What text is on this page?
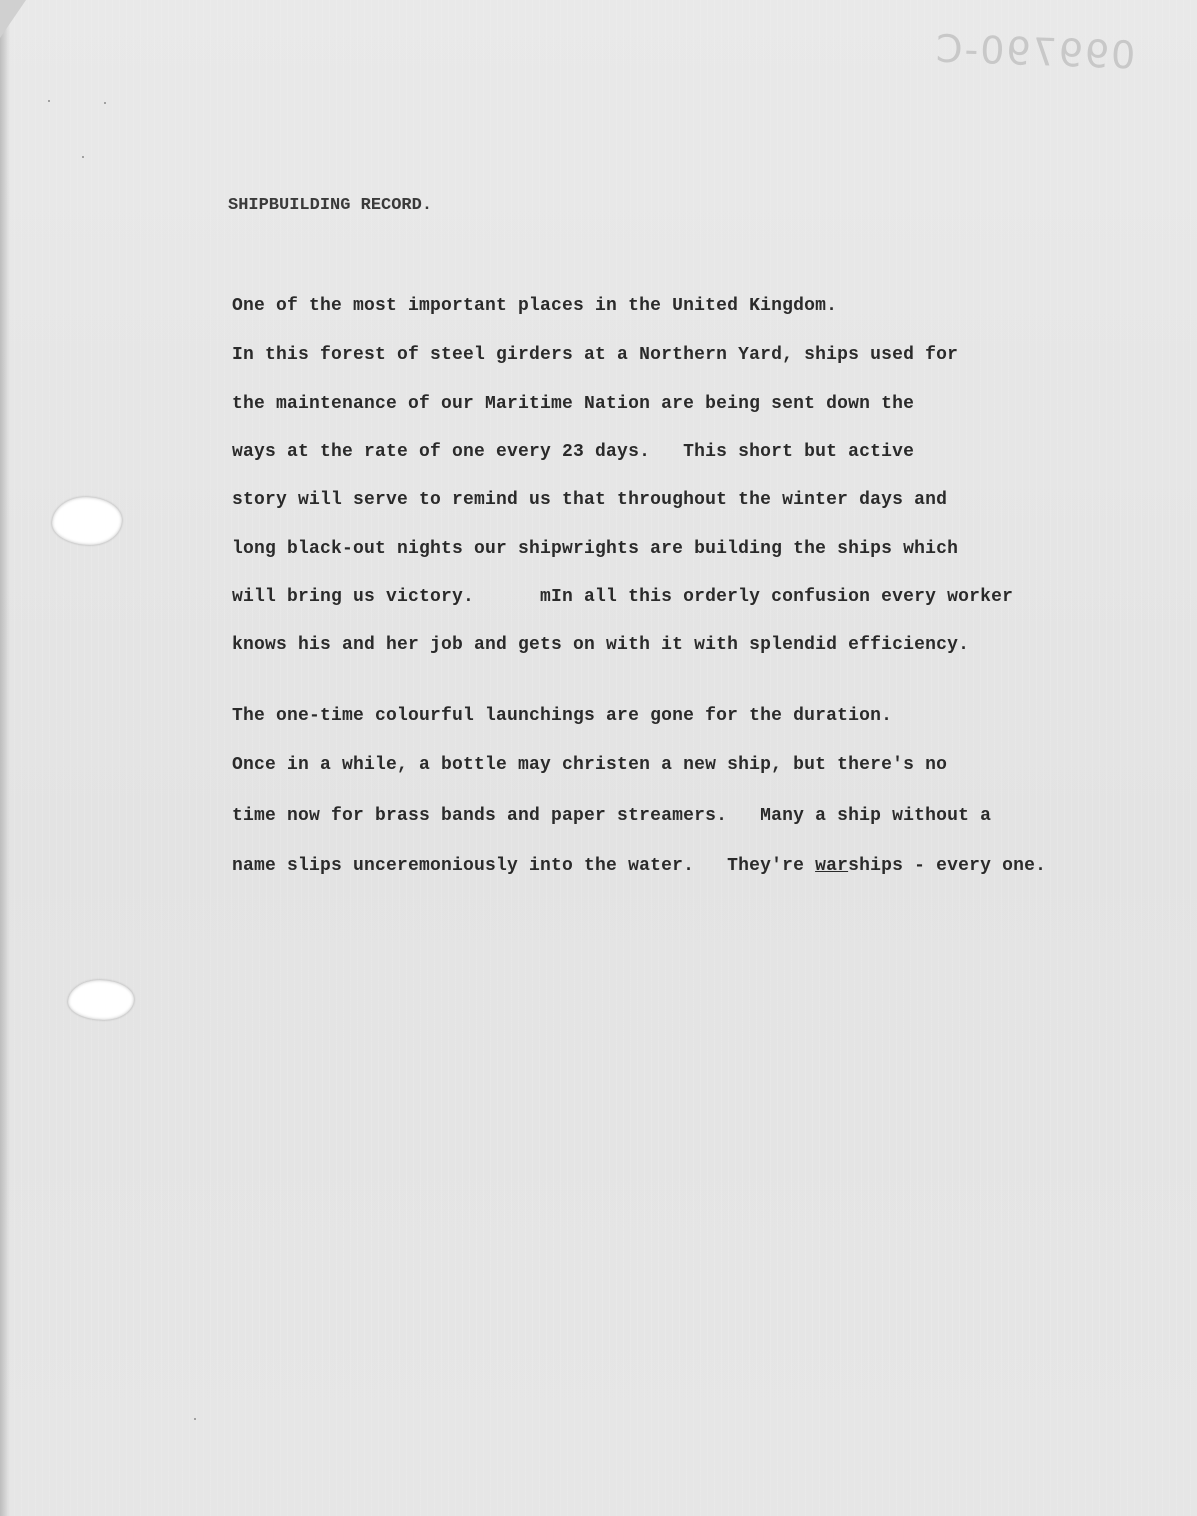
099790-C
SHIPBUILDING RECORD.
One of the most important places in the United Kingdom.
In this forest of steel girders at a Northern Yard, ships used for
the maintenance of our Maritime Nation are being sent down the
ways at the rate of one every 23 days.   This short but active
story will serve to remind us that throughout the winter days and
long black-out nights our shipwrights are building the ships which
will bring us victory.      mIn all this orderly confusion every worker
knows his and her job and gets on with it with splendid efficiency.
The one-time colourful launchings are gone for the duration.
Once in a while, a bottle may christen a new ship, but there's no
time now for brass bands and paper streamers.   Many a ship without a
name slips unceremoniously into the water.   They're warships - every one.
